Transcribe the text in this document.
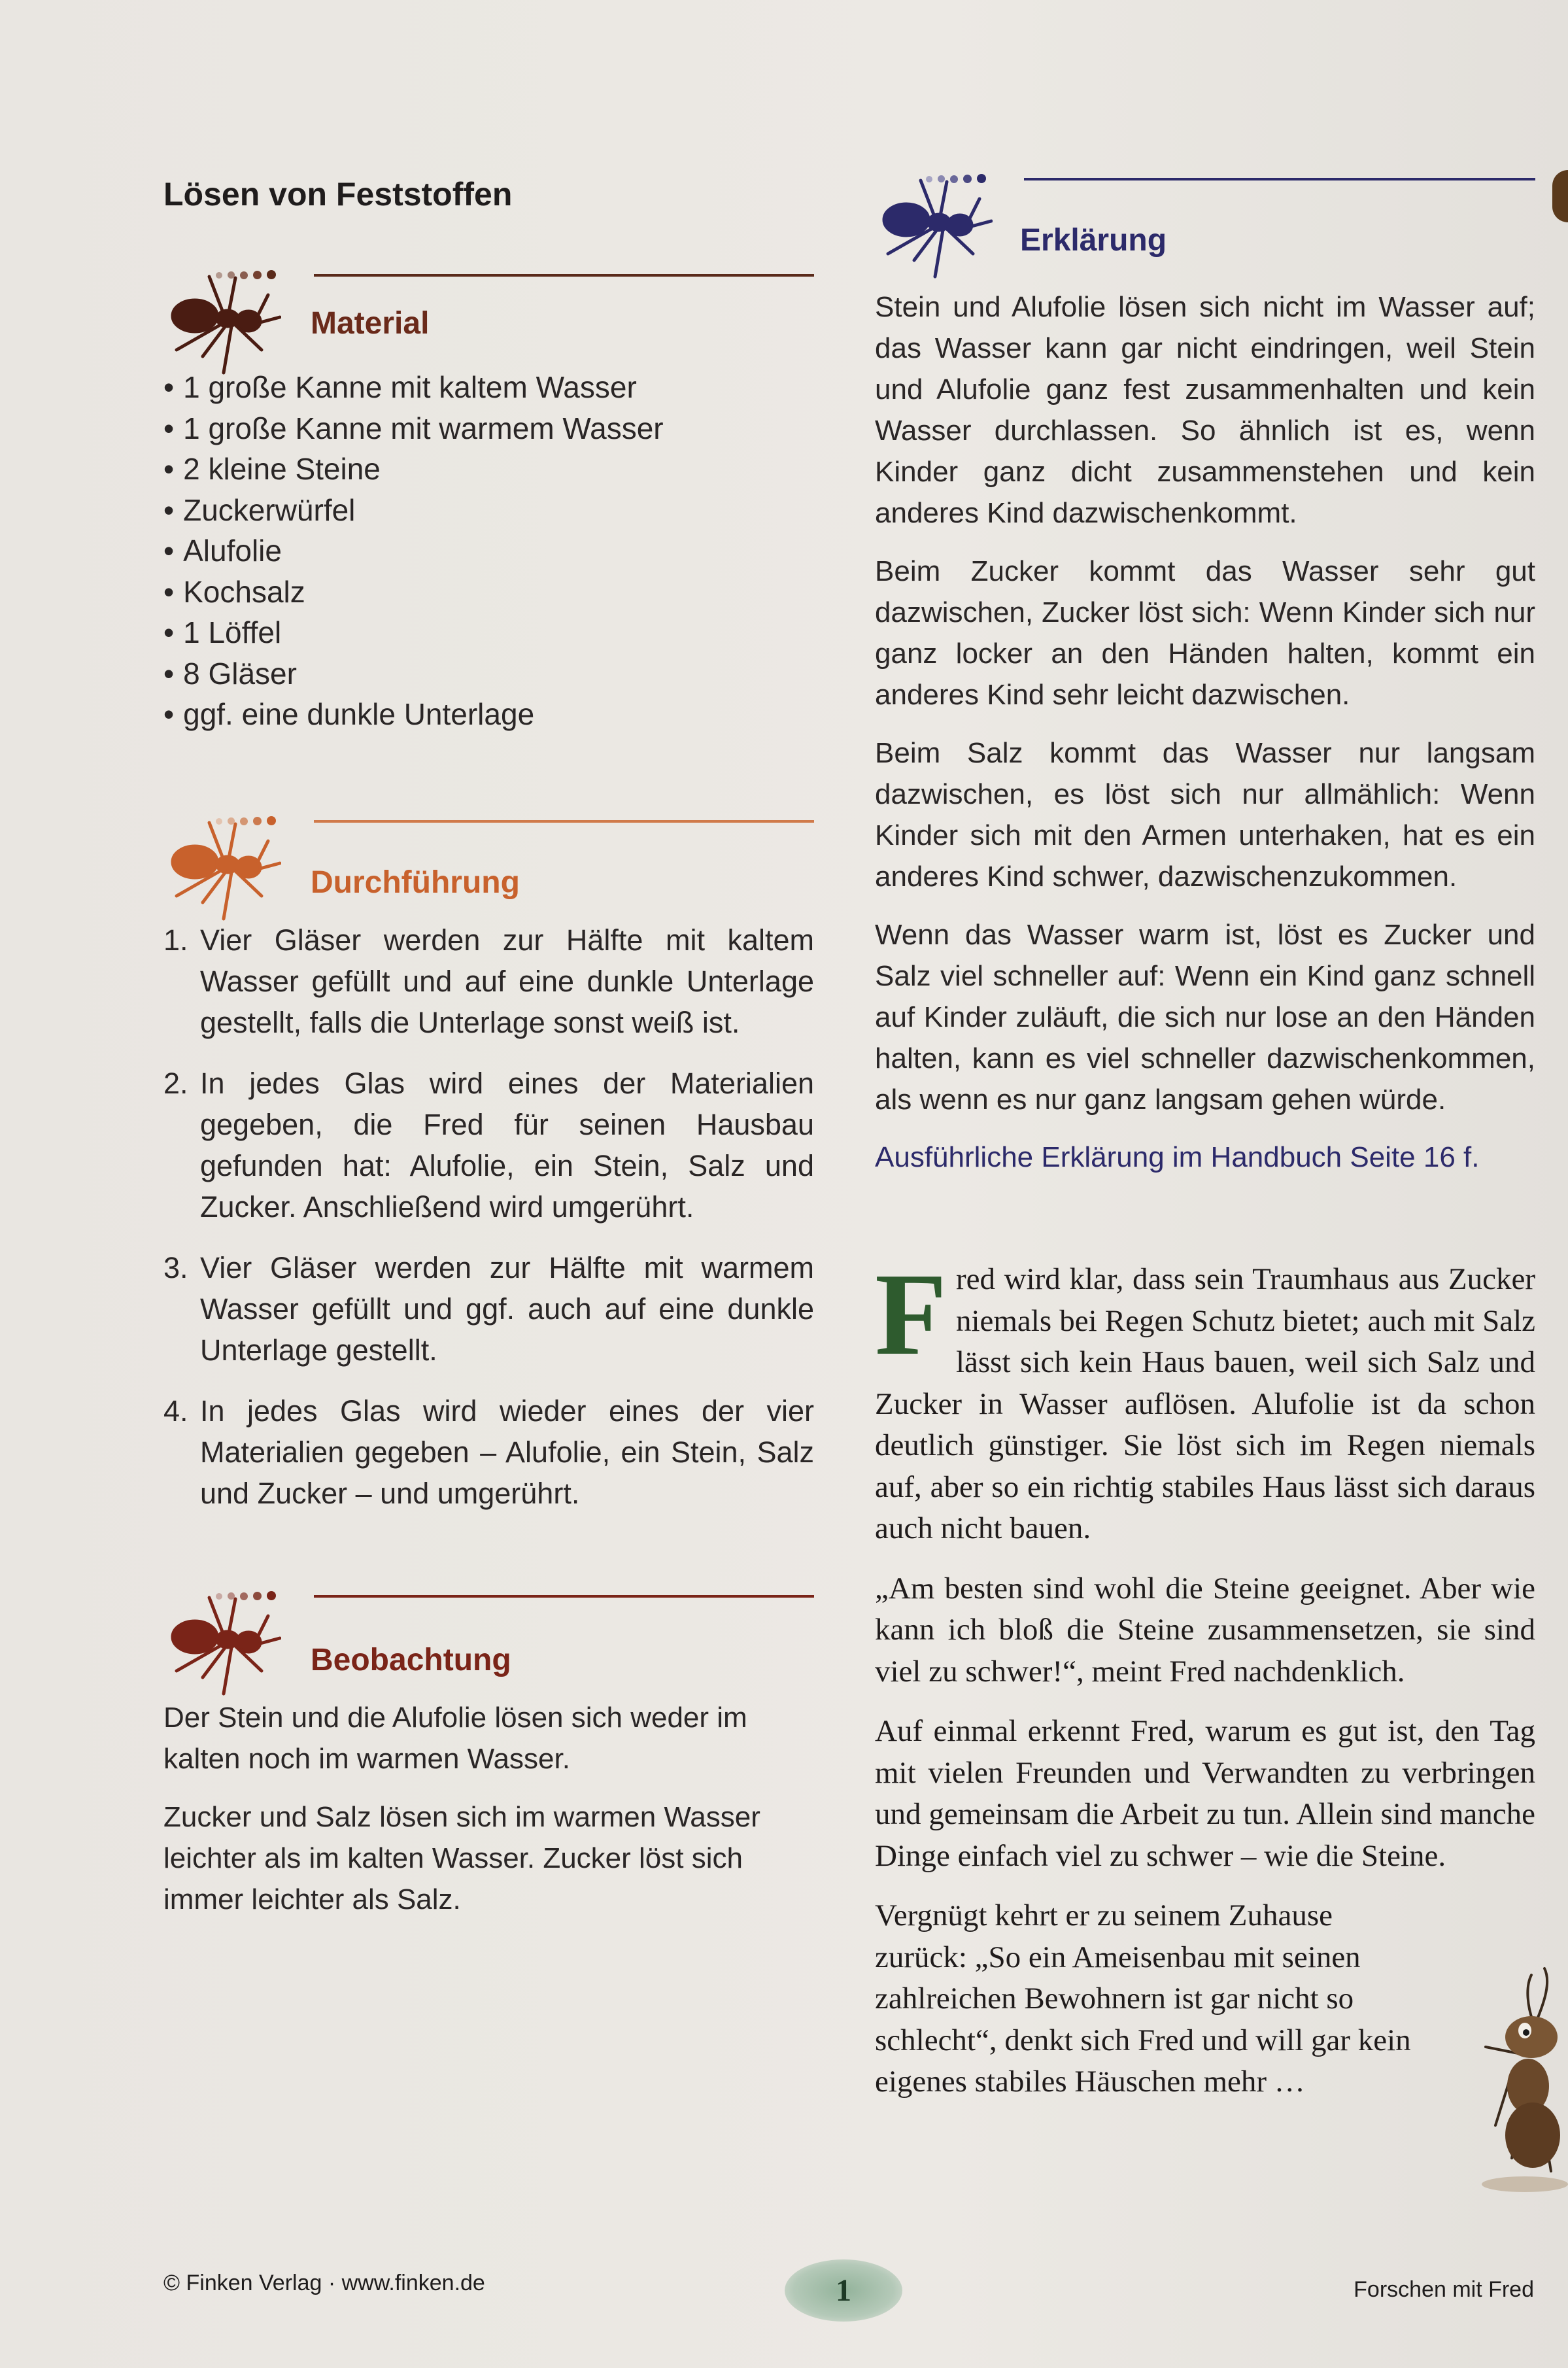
Lösen von Feststoffen
Material
• 1 große Kanne mit kaltem Wasser
• 1 große Kanne mit warmem Wasser
• 2 kleine Steine
• Zuckerwürfel
• Alufolie
• Kochsalz
• 1 Löffel
• 8 Gläser
• ggf. eine dunkle Unterlage
Durchführung
1. Vier Gläser werden zur Hälfte mit kaltem Wasser gefüllt und auf eine dunkle Unterlage gestellt, falls die Unterlage sonst weiß ist.
2. In jedes Glas wird eines der Materialien gegeben, die Fred für seinen Hausbau gefunden hat: Alufolie, ein Stein, Salz und Zucker. Anschließend wird umgerührt.
3. Vier Gläser werden zur Hälfte mit warmem Wasser gefüllt und ggf. auch auf eine dunkle Unterlage gestellt.
4. In jedes Glas wird wieder eines der vier Materialien gegeben – Alufolie, ein Stein, Salz und Zucker – und umgerührt.
Beobachtung

Der Stein und die Alufolie lösen sich weder im kalten noch im warmen Wasser.

Zucker und Salz lösen sich im warmen Wasser leichter als im kalten Wasser. Zucker löst sich immer leichter als Salz.

Erklärung

Stein und Alufolie lösen sich nicht im Wasser auf; das Wasser kann gar nicht eindringen, weil Stein und Alufolie ganz fest zusammenhalten und kein Wasser durchlassen. So ähnlich ist es, wenn Kinder ganz dicht zusammenstehen und kein anderes Kind dazwischenkommt.

Beim Zucker kommt das Wasser sehr gut dazwischen, Zucker löst sich: Wenn Kinder sich nur ganz locker an den Händen halten, kommt ein anderes Kind sehr leicht dazwischen.

Beim Salz kommt das Wasser nur langsam dazwischen, es löst sich nur allmählich: Wenn Kinder sich mit den Armen unterhaken, hat es ein anderes Kind schwer, dazwischenzukommen.

Wenn das Wasser warm ist, löst es Zucker und Salz viel schneller auf: Wenn ein Kind ganz schnell auf Kinder zuläuft, die sich nur lose an den Händen halten, kann es viel schneller dazwischenkommen, als wenn es nur ganz langsam gehen würde.

Ausführliche Erklärung im Handbuch Seite 16 f.

Fred wird klar, dass sein Traumhaus aus Zucker niemals bei Regen Schutz bietet; auch mit Salz lässt sich kein Haus bauen, weil sich Salz und Zucker in Wasser auflösen. Alufolie ist da schon deutlich günstiger. Sie löst sich im Regen niemals auf, aber so ein richtig stabiles Haus lässt sich daraus auch nicht bauen.

„Am besten sind wohl die Steine geeignet. Aber wie kann ich bloß die Steine zusammensetzen, sie sind viel zu schwer!“, meint Fred nachdenklich.

Auf einmal erkennt Fred, warum es gut ist, den Tag mit vielen Freunden und Verwandten zu verbringen und gemeinsam die Arbeit zu tun. Allein sind manche Dinge einfach viel zu schwer – wie die Steine.

Vergnügt kehrt er zu seinem Zuhause zurück: „So ein Ameisenbau mit seinen zahlreichen Bewohnern ist gar nicht so schlecht“, denkt sich Fred und will gar kein eigenes stabiles Häuschen mehr …

© Finken Verlag · www.finken.de	1	Forschen mit Fred
